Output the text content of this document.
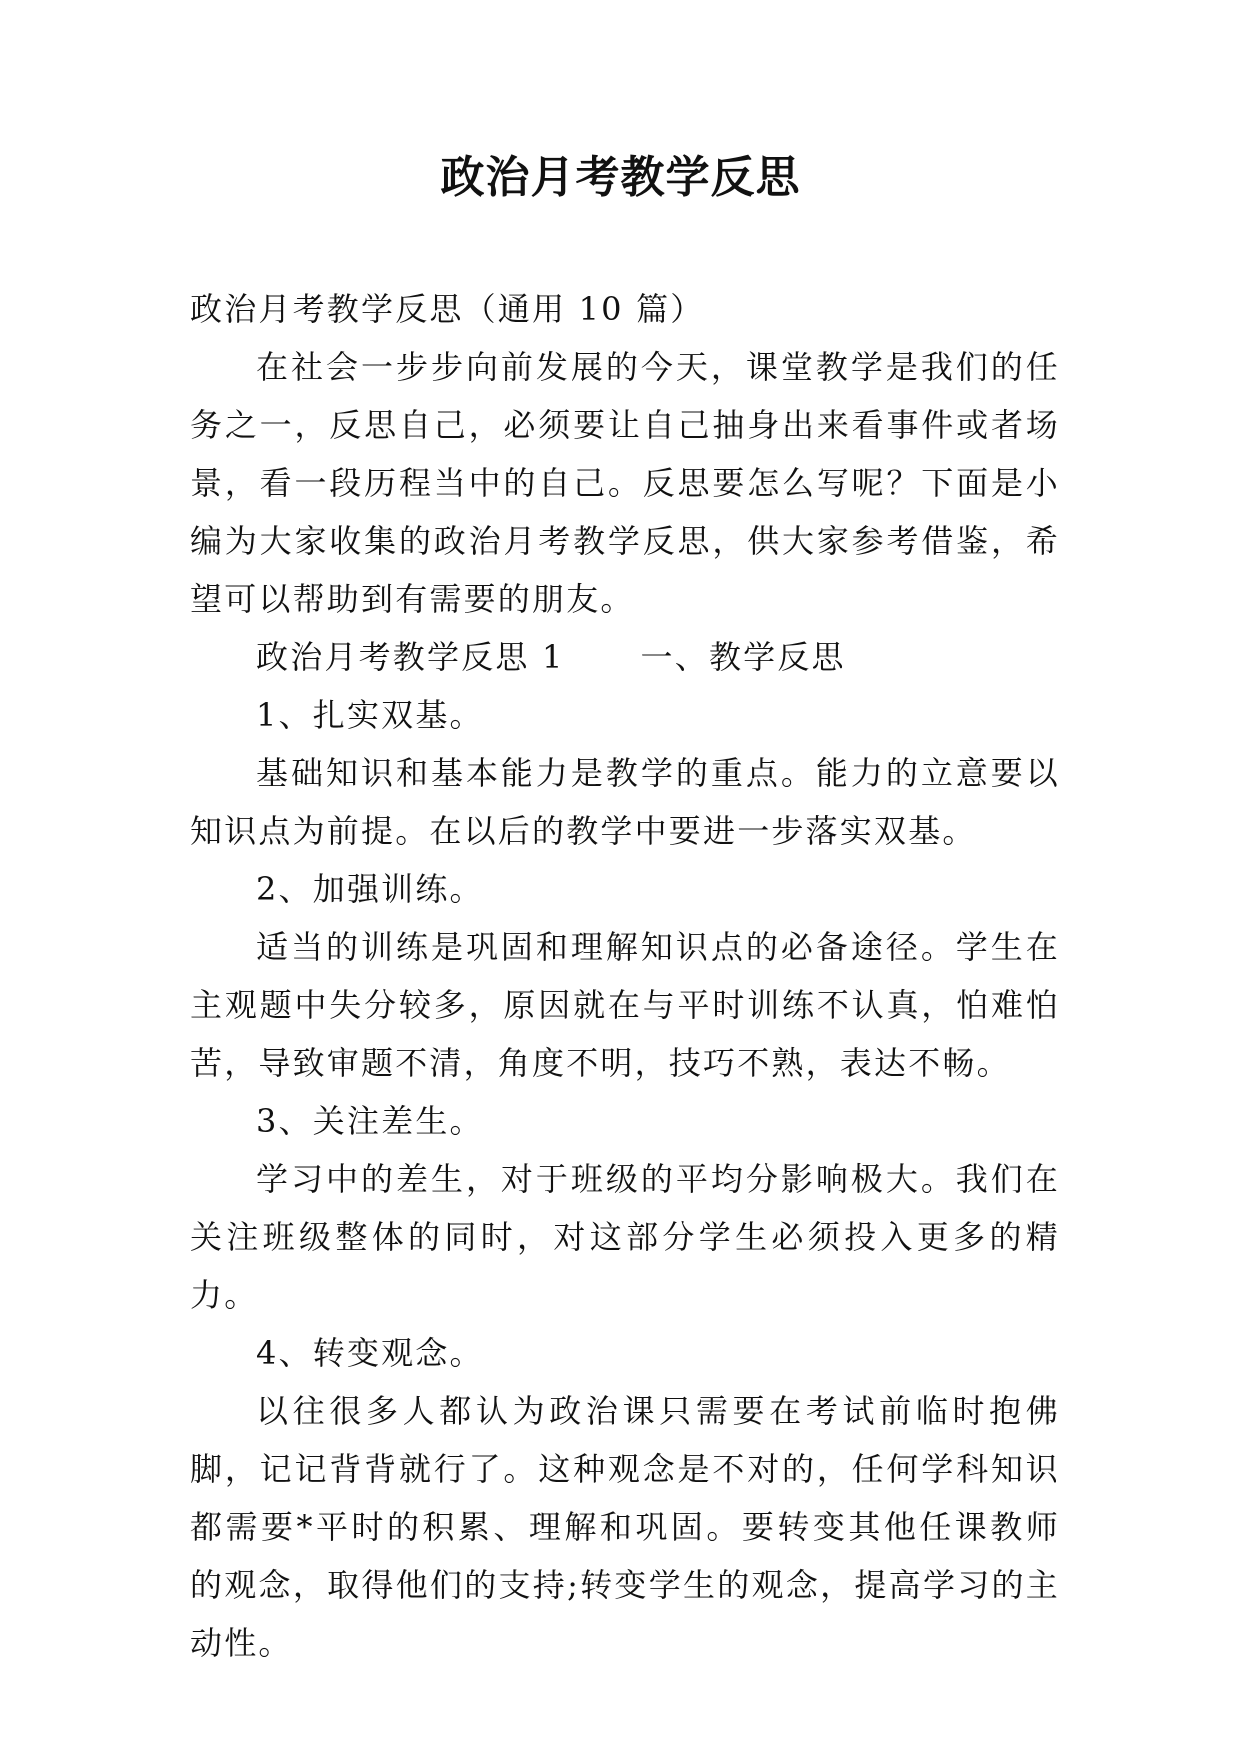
政治月考教学反思

政治月考教学反思（通用 10 篇）

在社会一步步向前发展的今天，课堂教学是我们的任务之一，反思自己，必须要让自己抽身出来看事件或者场景，看一段历程当中的自己。反思要怎么写呢？下面是小编为大家收集的政治月考教学反思，供大家参考借鉴，希望可以帮助到有需要的朋友。

政治月考教学反思 1 一、教学反思

1、扎实双基。

基础知识和基本能力是教学的重点。能力的立意要以知识点为前提。在以后的教学中要进一步落实双基。

2、加强训练。

适当的训练是巩固和理解知识点的必备途径。学生在主观题中失分较多，原因就在与平时训练不认真，怕难怕苦，导致审题不清，角度不明，技巧不熟，表达不畅。

3、关注差生。

学习中的差生，对于班级的平均分影响极大。我们在关注班级整体的同时，对这部分学生必须投入更多的精力。

4、转变观念。

以往很多人都认为政治课只需要在考试前临时抱佛脚，记记背背就行了。这种观念是不对的，任何学科知识都需要*平时的积累、理解和巩固。要转变其他任课教师的观念，取得他们的支持;转变学生的观念，提高学习的主动性。
